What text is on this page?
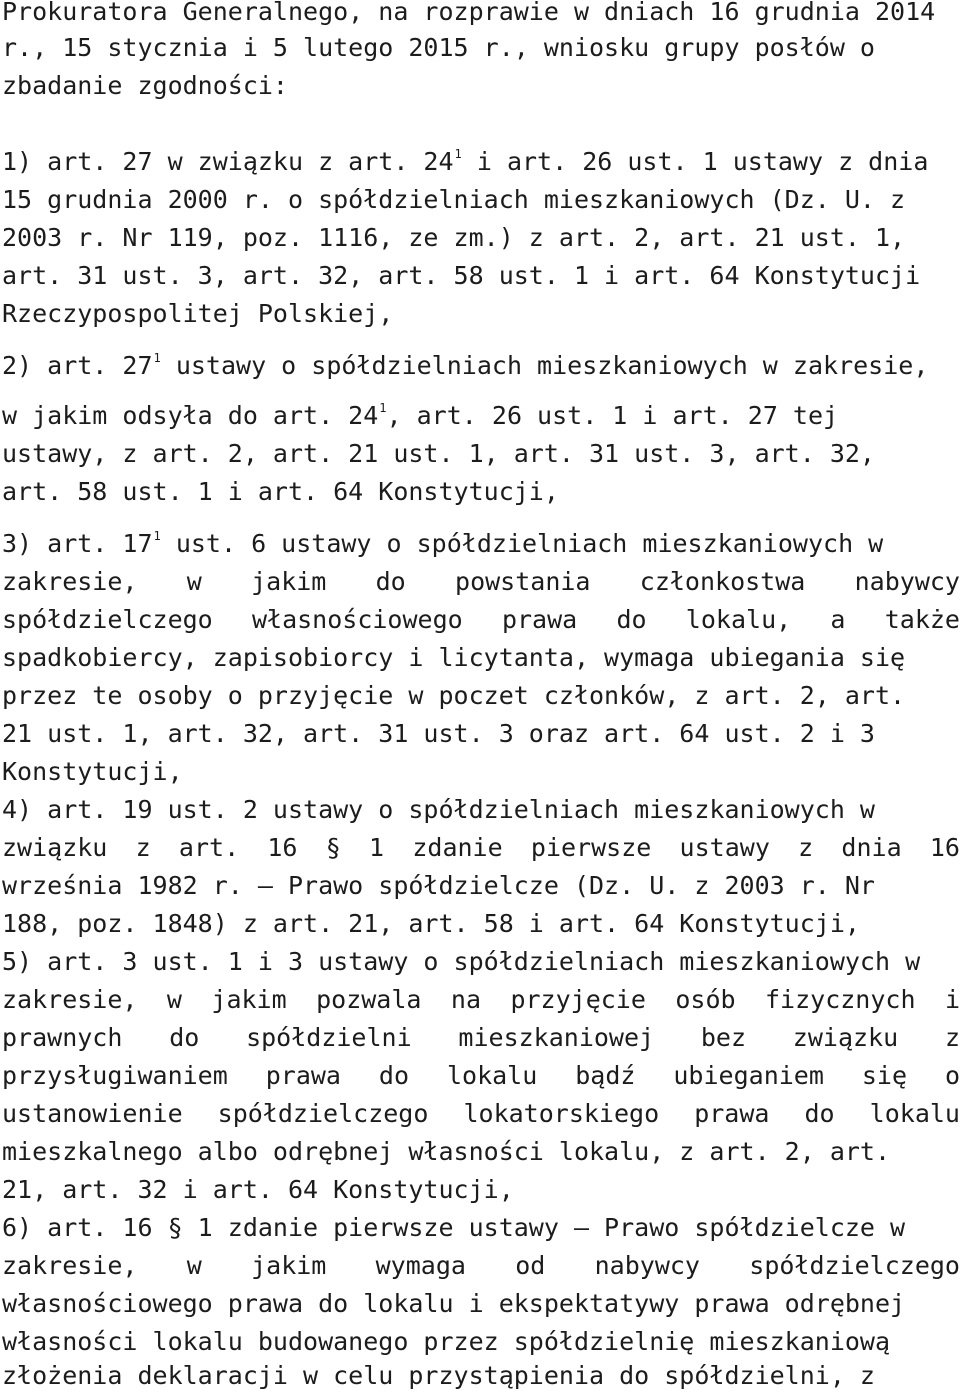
Prokuratora Generalnego, na rozprawie w dniach 16 grudnia 2014
r., 15 stycznia i 5 lutego 2015 r., wniosku grupy posłów o
zbadanie zgodności:
1) art. 27 w związku z art. $24^1$ i art. 26 ust. 1 ustawy z dnia
15 grudnia 2000 r. o spółdzielniach mieszkaniowych (Dz. U. z
2003 r. Nr 119, poz. 1116, ze zm.) z art. 2, art. 21 ust. 1,
art. 31 ust. 3, art. 32, art. 58 ust. 1 i art. 64 Konstytucji
Rzeczypospolitej Polskiej,
2) art. $27^1$ ustawy o spółdzielniach mieszkaniowych w zakresie,
w jakim odsyła do art. $24^1$, art. 26 ust. 1 i art. 27 tej
ustawy, z art. 2, art. 21 ust. 1, art. 31 ust. 3, art. 32,
art. 58 ust. 1 i art. 64 Konstytucji,
3) art. $17^1$ ust. 6 ustawy o spółdzielniach mieszkaniowych w
zakresie, w jakim do powstania członkostwa nabywcy
spółdzielczego własnościowego prawa do lokalu, a także
spadkobiercy, zapisobiorcy i licytanta, wymaga ubiegania się
przez te osoby o przyjęcie w poczet członków, z art. 2, art.
21 ust. 1, art. 32, art. 31 ust. 3 oraz art. 64 ust. 2 i 3
Konstytucji,
4) art. 19 ust. 2 ustawy o spółdzielniach mieszkaniowych w
związku z art. 16 § 1 zdanie pierwsze ustawy z dnia 16
września 1982 r. – Prawo spółdzielcze (Dz. U. z 2003 r. Nr
188, poz. 1848) z art. 21, art. 58 i art. 64 Konstytucji,
5) art. 3 ust. 1 i 3 ustawy o spółdzielniach mieszkaniowych w
zakresie, w jakim pozwala na przyjęcie osób fizycznych i
prawnych do spółdzielni mieszkaniowej bez związku z
przysługiwaniem prawa do lokalu bądź ubieganiem się o
ustanowienie spółdzielczego lokatorskiego prawa do lokalu
mieszkalnego albo odrębnej własności lokalu, z art. 2, art.
21, art. 32 i art. 64 Konstytucji,
6) art. 16 § 1 zdanie pierwsze ustawy – Prawo spółdzielcze w
zakresie, w jakim wymaga od nabywcy spółdzielczego
własnościowego prawa do lokalu i ekspektatywy prawa odrębnej
własności lokalu budowanego przez spółdzielnię mieszkaniową
złożenia deklaracji w celu przystąpienia do spółdzielni, z
